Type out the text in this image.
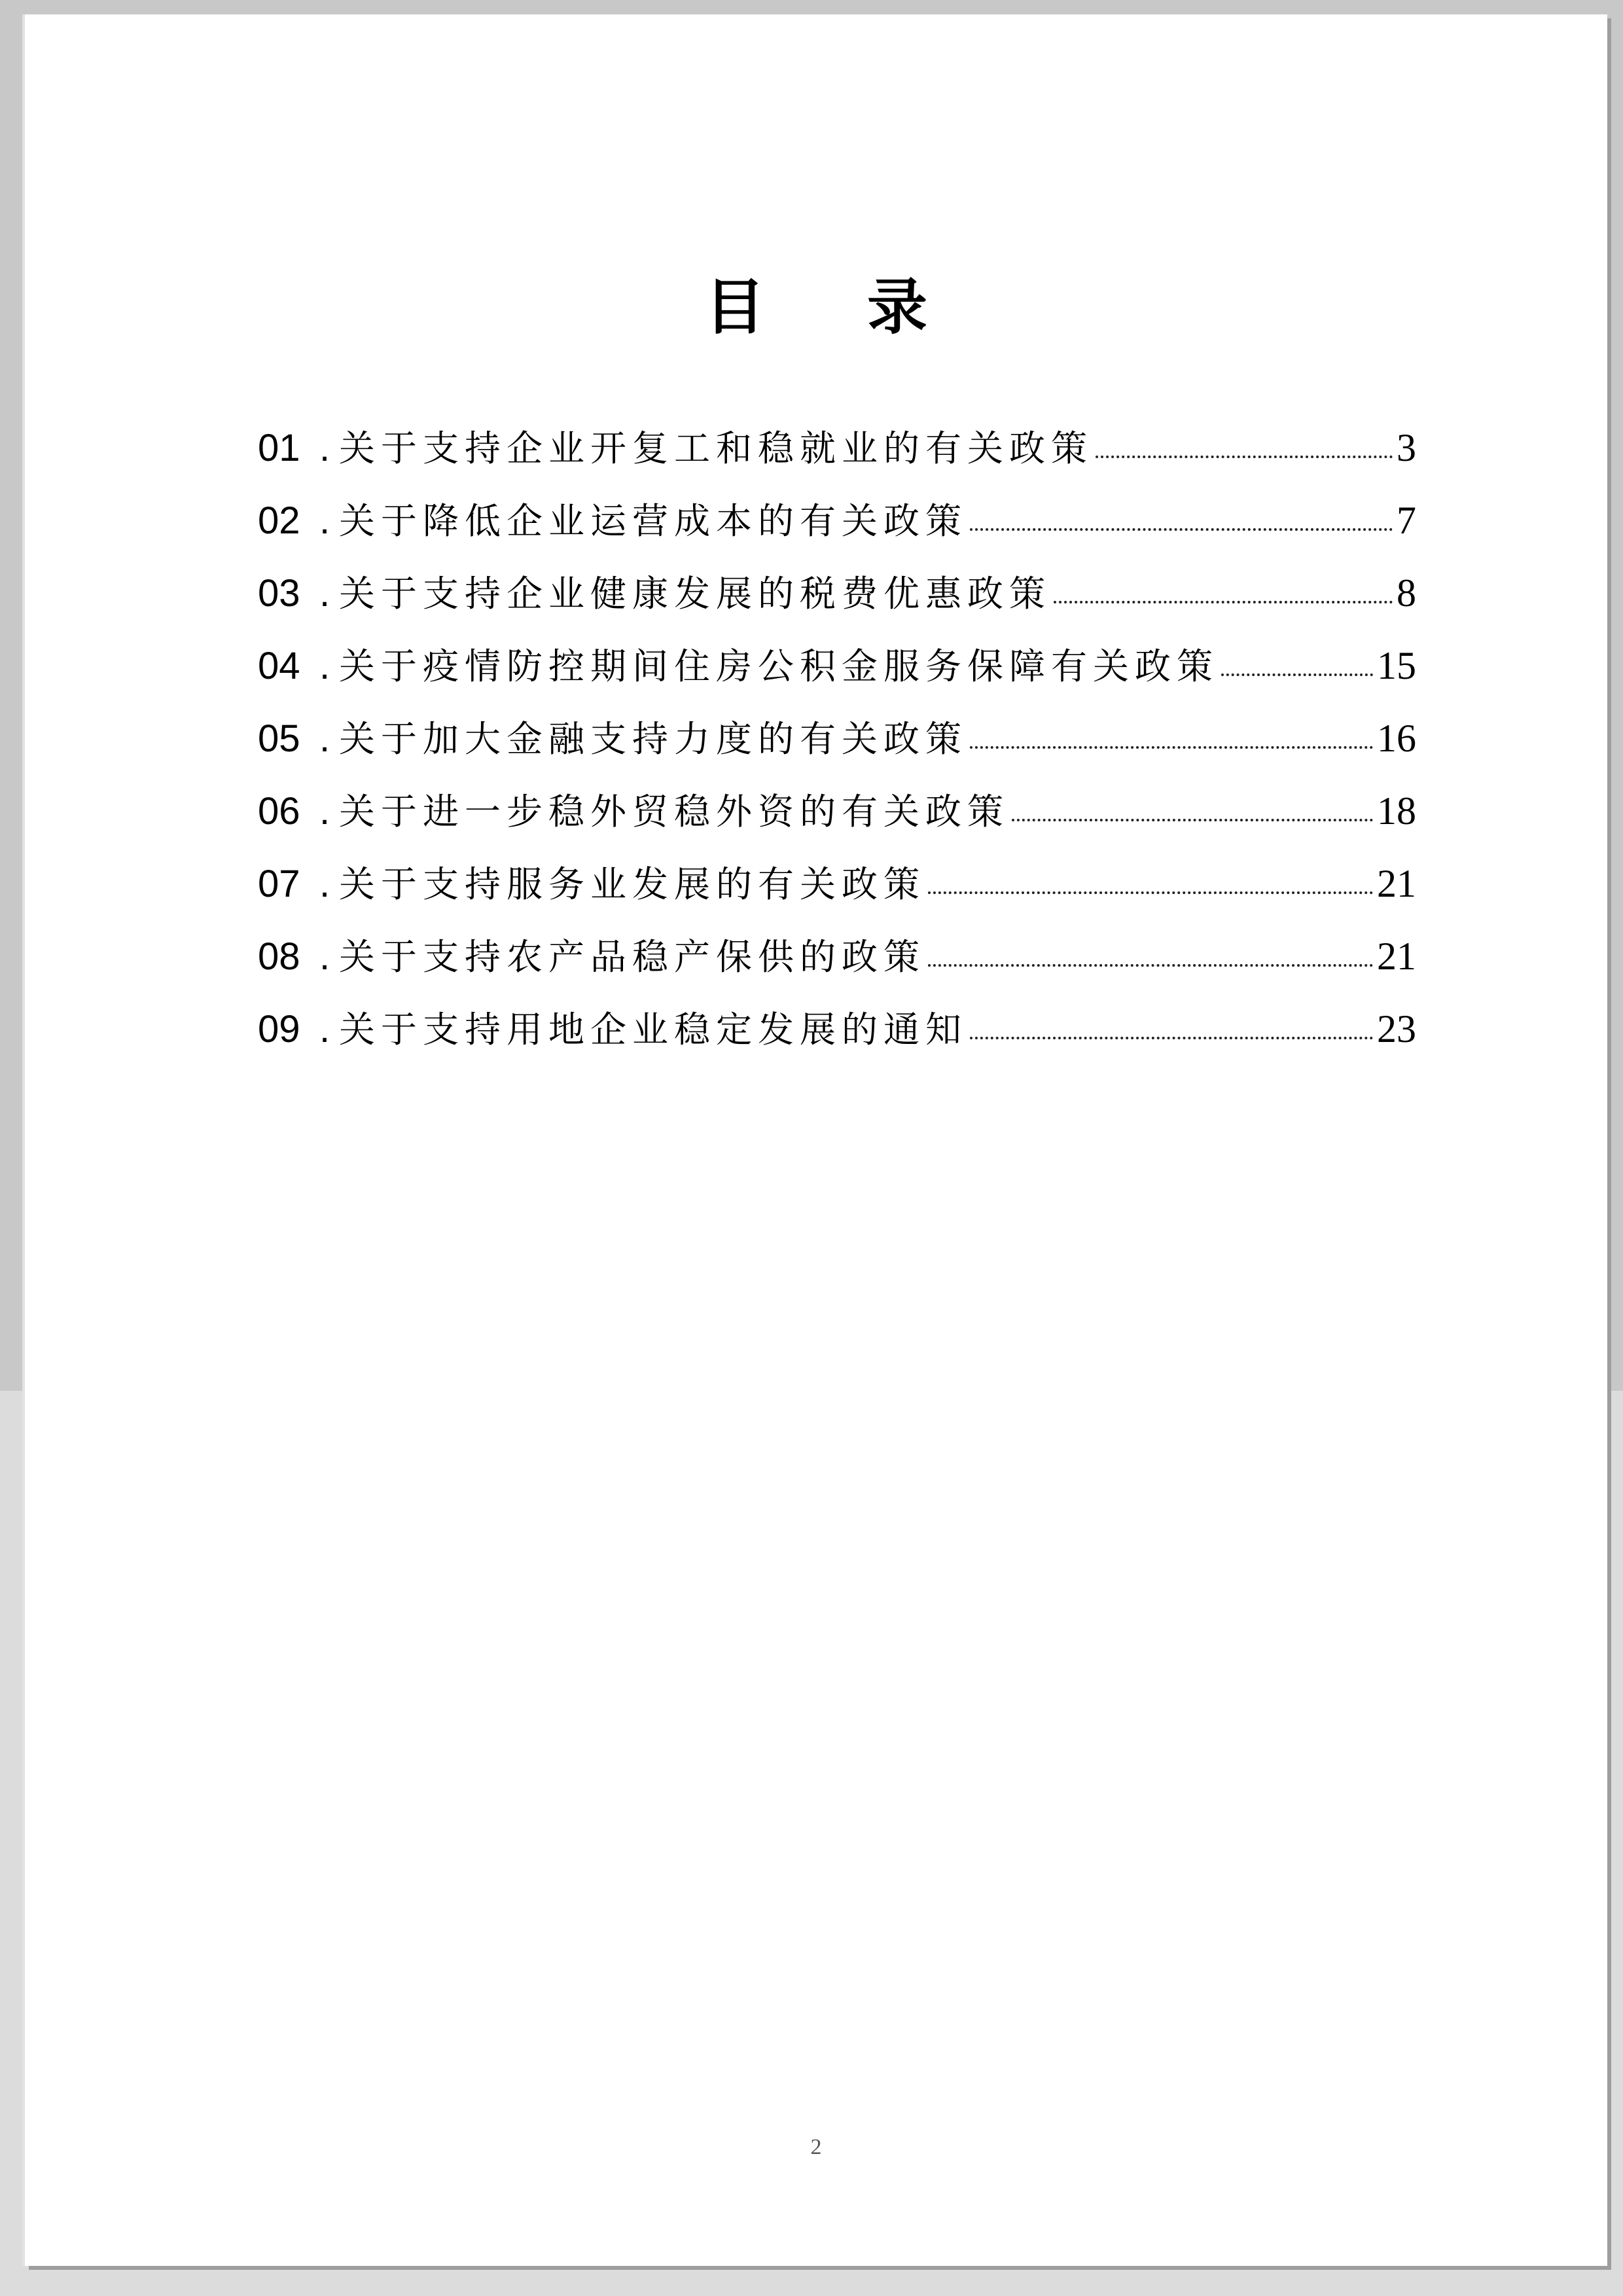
目 录
01 . 关于支持企业开复工和稳就业的有关政策	3
02 . 关于降低企业运营成本的有关政策	7
03 . 关于支持企业健康发展的税费优惠政策	8
04 . 关于疫情防控期间住房公积金服务保障有关政策	15
05 . 关于加大金融支持力度的有关政策	16
06 . 关于进一步稳外贸稳外资的有关政策	18
07 . 关于支持服务业发展的有关政策	21
08 . 关于支持农产品稳产保供的政策	21
09 . 关于支持用地企业稳定发展的通知	23
2
